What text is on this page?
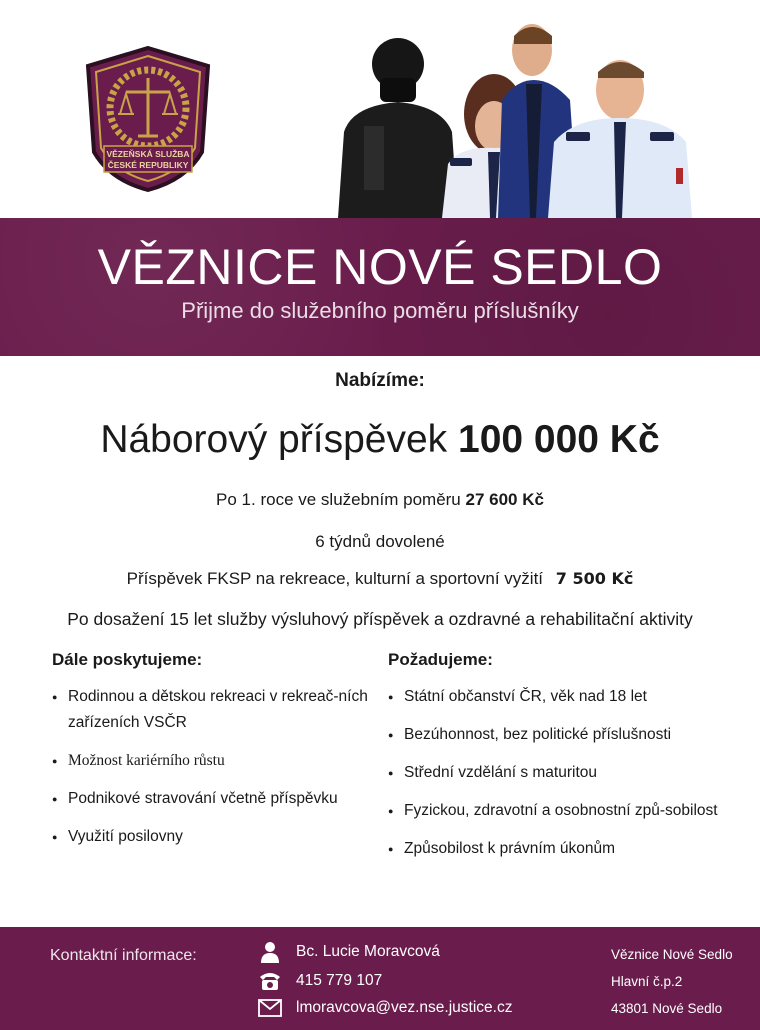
VĚZEŇSKÁ SLUŽBA
ČESKÉ REPUBLIKY
VĚZNICE NOVÉ SEDLO
Přijme do služebního poměru příslušníky
Nabízíme:
Náborový příspěvek 100 000 Kč
Po 1. roce ve služebním poměru 27 600 Kč
6 týdnů dovolené
Příspěvek FKSP na rekreace, kulturní a sportovní vyžití 7 500 Kč
Po dosažení 15 let služby výsluhový příspěvek a ozdravné a rehabilitační aktivity
Dále poskytujeme:
● Rodinnou a dětskou rekreaci v rekreač-ních zařízeních VSČR
● Možnost kariérního růstu
● Podnikové stravování včetně příspěvku
● Využití posilovny
Požadujeme:
● Státní občanství ČR, věk nad 18 let
● Bezúhonnost, bez politické příslušnosti
● Střední vzdělání s maturitou
● Fyzickou, zdravotní a osobnostní způ-sobilost
● Způsobilost k právním úkonům
Kontaktní informace:	Bc. Lucie Moravcová
415 779 107
lmoravcova@vez.nse.justice.cz
Věznice Nové Sedlo
Hlavní č.p.2
43801 Nové Sedlo
